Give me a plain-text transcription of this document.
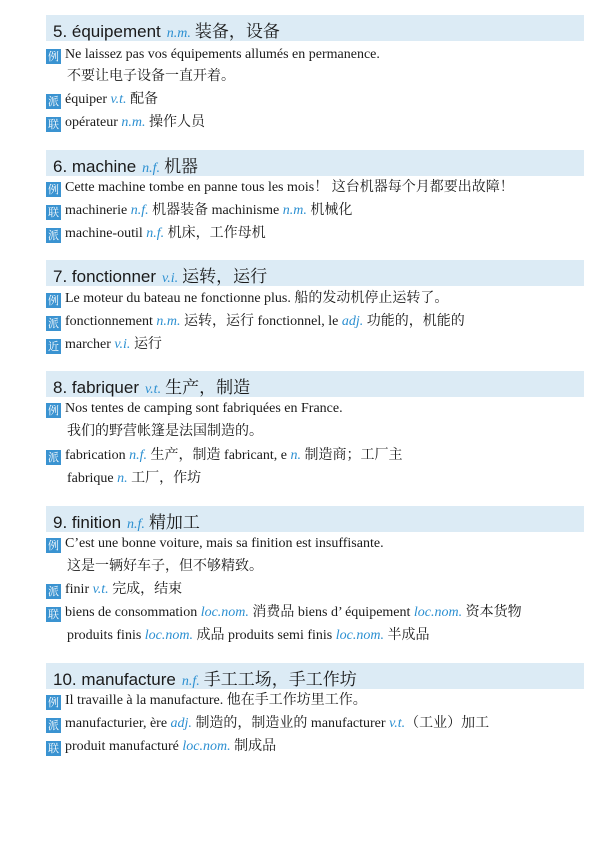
5. équipement n.m. 装备，设备
例 Ne laissez pas vos équipements allumés en permanence.
不要让电子设备一直开着。
派 équiper v.t. 配备
联 opérateur n.m. 操作人员
6. machine n.f. 机器
例 Cette machine tombe en panne tous les mois！ 这台机器每个月都要出故障！
联 machinerie n.f. 机器装备 machinisme n.m. 机械化
派 machine-outil n.f. 机床，工作母机
7. fonctionner v.i. 运转，运行
例 Le moteur du bateau ne fonctionne plus. 船的发动机停止运转了。
派 fonctionnement n.m. 运转，运行 fonctionnel, le adj. 功能的，机能的
近 marcher v.i. 运行
8. fabriquer v.t. 生产，制造
例 Nos tentes de camping sont fabriquées en France.
我们的野营帐篷是法国制造的。
派 fabrication n.f. 生产，制造 fabricant, e n. 制造商；工厂主
fabrique n. 工厂，作坊
9. finition n.f. 精加工
例 C’est une bonne voiture, mais sa finition est insuffisante.
这是一辆好车子，但不够精致。
派 finir v.t. 完成，结束
联 biens de consommation loc.nom. 消费品 biens d’ équipement loc.nom. 资本货物
produits finis loc.nom. 成品 produits semi finis loc.nom. 半成品
10. manufacture n.f. 手工工场，手工作坊
例 Il travaille à la manufacture. 他在手工作坊里工作。
派 manufacturier, ère adj. 制造的，制造业的 manufacturer v.t.（工业）加工
联 produit manufacturé loc.nom. 制成品
